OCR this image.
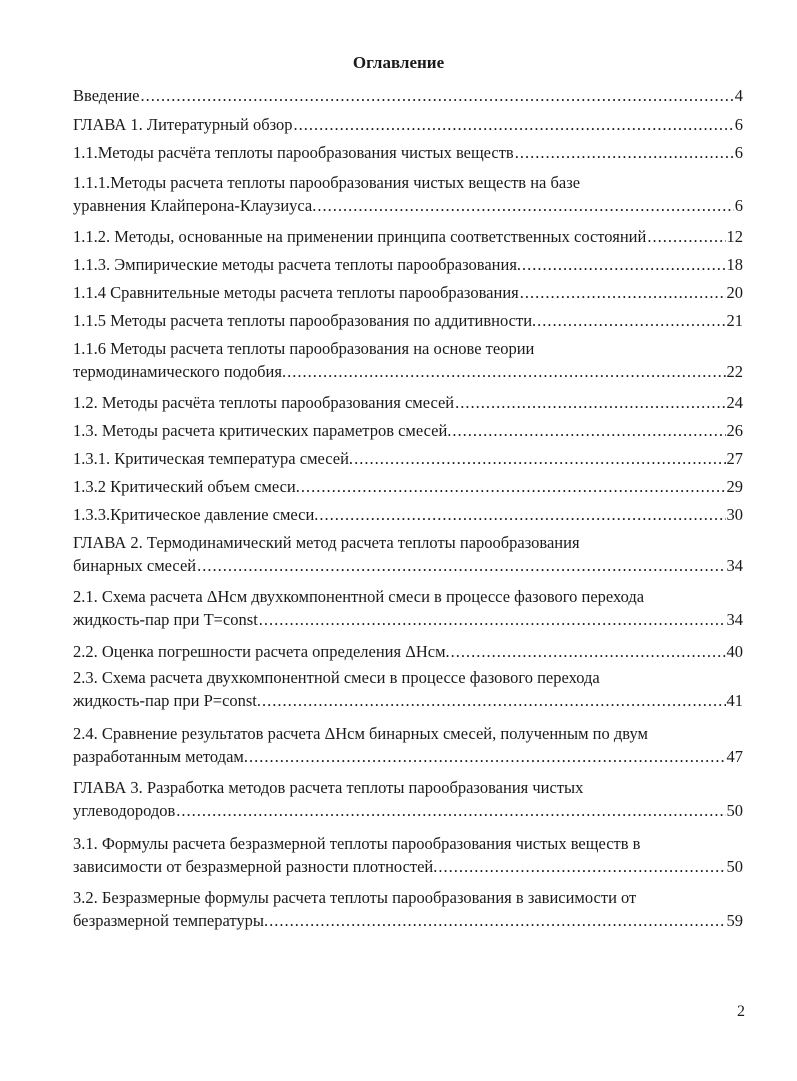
Оглавление
Введение .....	4
ГЛАВА 1. Литературный обзор .....	6
1.1.Методы расчёта теплоты парообразования чистых веществ .....	6
1.1.1.Методы расчета теплоты парообразования чистых веществ на базе
уравнения Клайперона-Клаузиуса. .....	6
1.1.2. Методы, основанные на применении принципа соответственных состояний .....	12
1.1.3. Эмпирические методы расчета теплоты парообразования. .....	18
1.1.4 Сравнительные методы расчета теплоты парообразования .....	20
1.1.5 Методы расчета теплоты парообразования по аддитивности. .....	21
1.1.6 Методы расчета теплоты парообразования на основе теории
термодинамического подобия. .....	22
1.2. Методы расчёта теплоты парообразования смесей .....	24
1.3. Методы расчета критических параметров смесей. .....	26
1.3.1. Критическая температура смесей. .....	27
1.3.2 Критический объем смеси. .....	29
1.3.3.Критическое давление смеси. .....	30
ГЛАВА 2. Термодинамический метод расчета теплоты парообразования
бинарных смесей .....	34
2.1. Схема расчета ΔHсм двухкомпонентной смеси в процессе фазового перехода
жидкость-пар при T=const .....	34
2.2. Оценка погрешности расчета определения ΔHсм. .....	40
2.3. Схема расчета двухкомпонентной смеси в процессе фазового перехода
жидкость-пар при P=const. .....	41
2.4. Сравнение результатов расчета ΔHсм бинарных смесей, полученным по двум
разработанным методам. .....	47
ГЛАВА 3. Разработка методов расчета теплоты парообразования чистых
углеводородов .....	50
3.1. Формулы расчета безразмерной теплоты парообразования чистых веществ в
зависимости от безразмерной разности плотностей. .....	50
3.2. Безразмерные формулы расчета теплоты парообразования в зависимости от
безразмерной температуры. .....	59
2
